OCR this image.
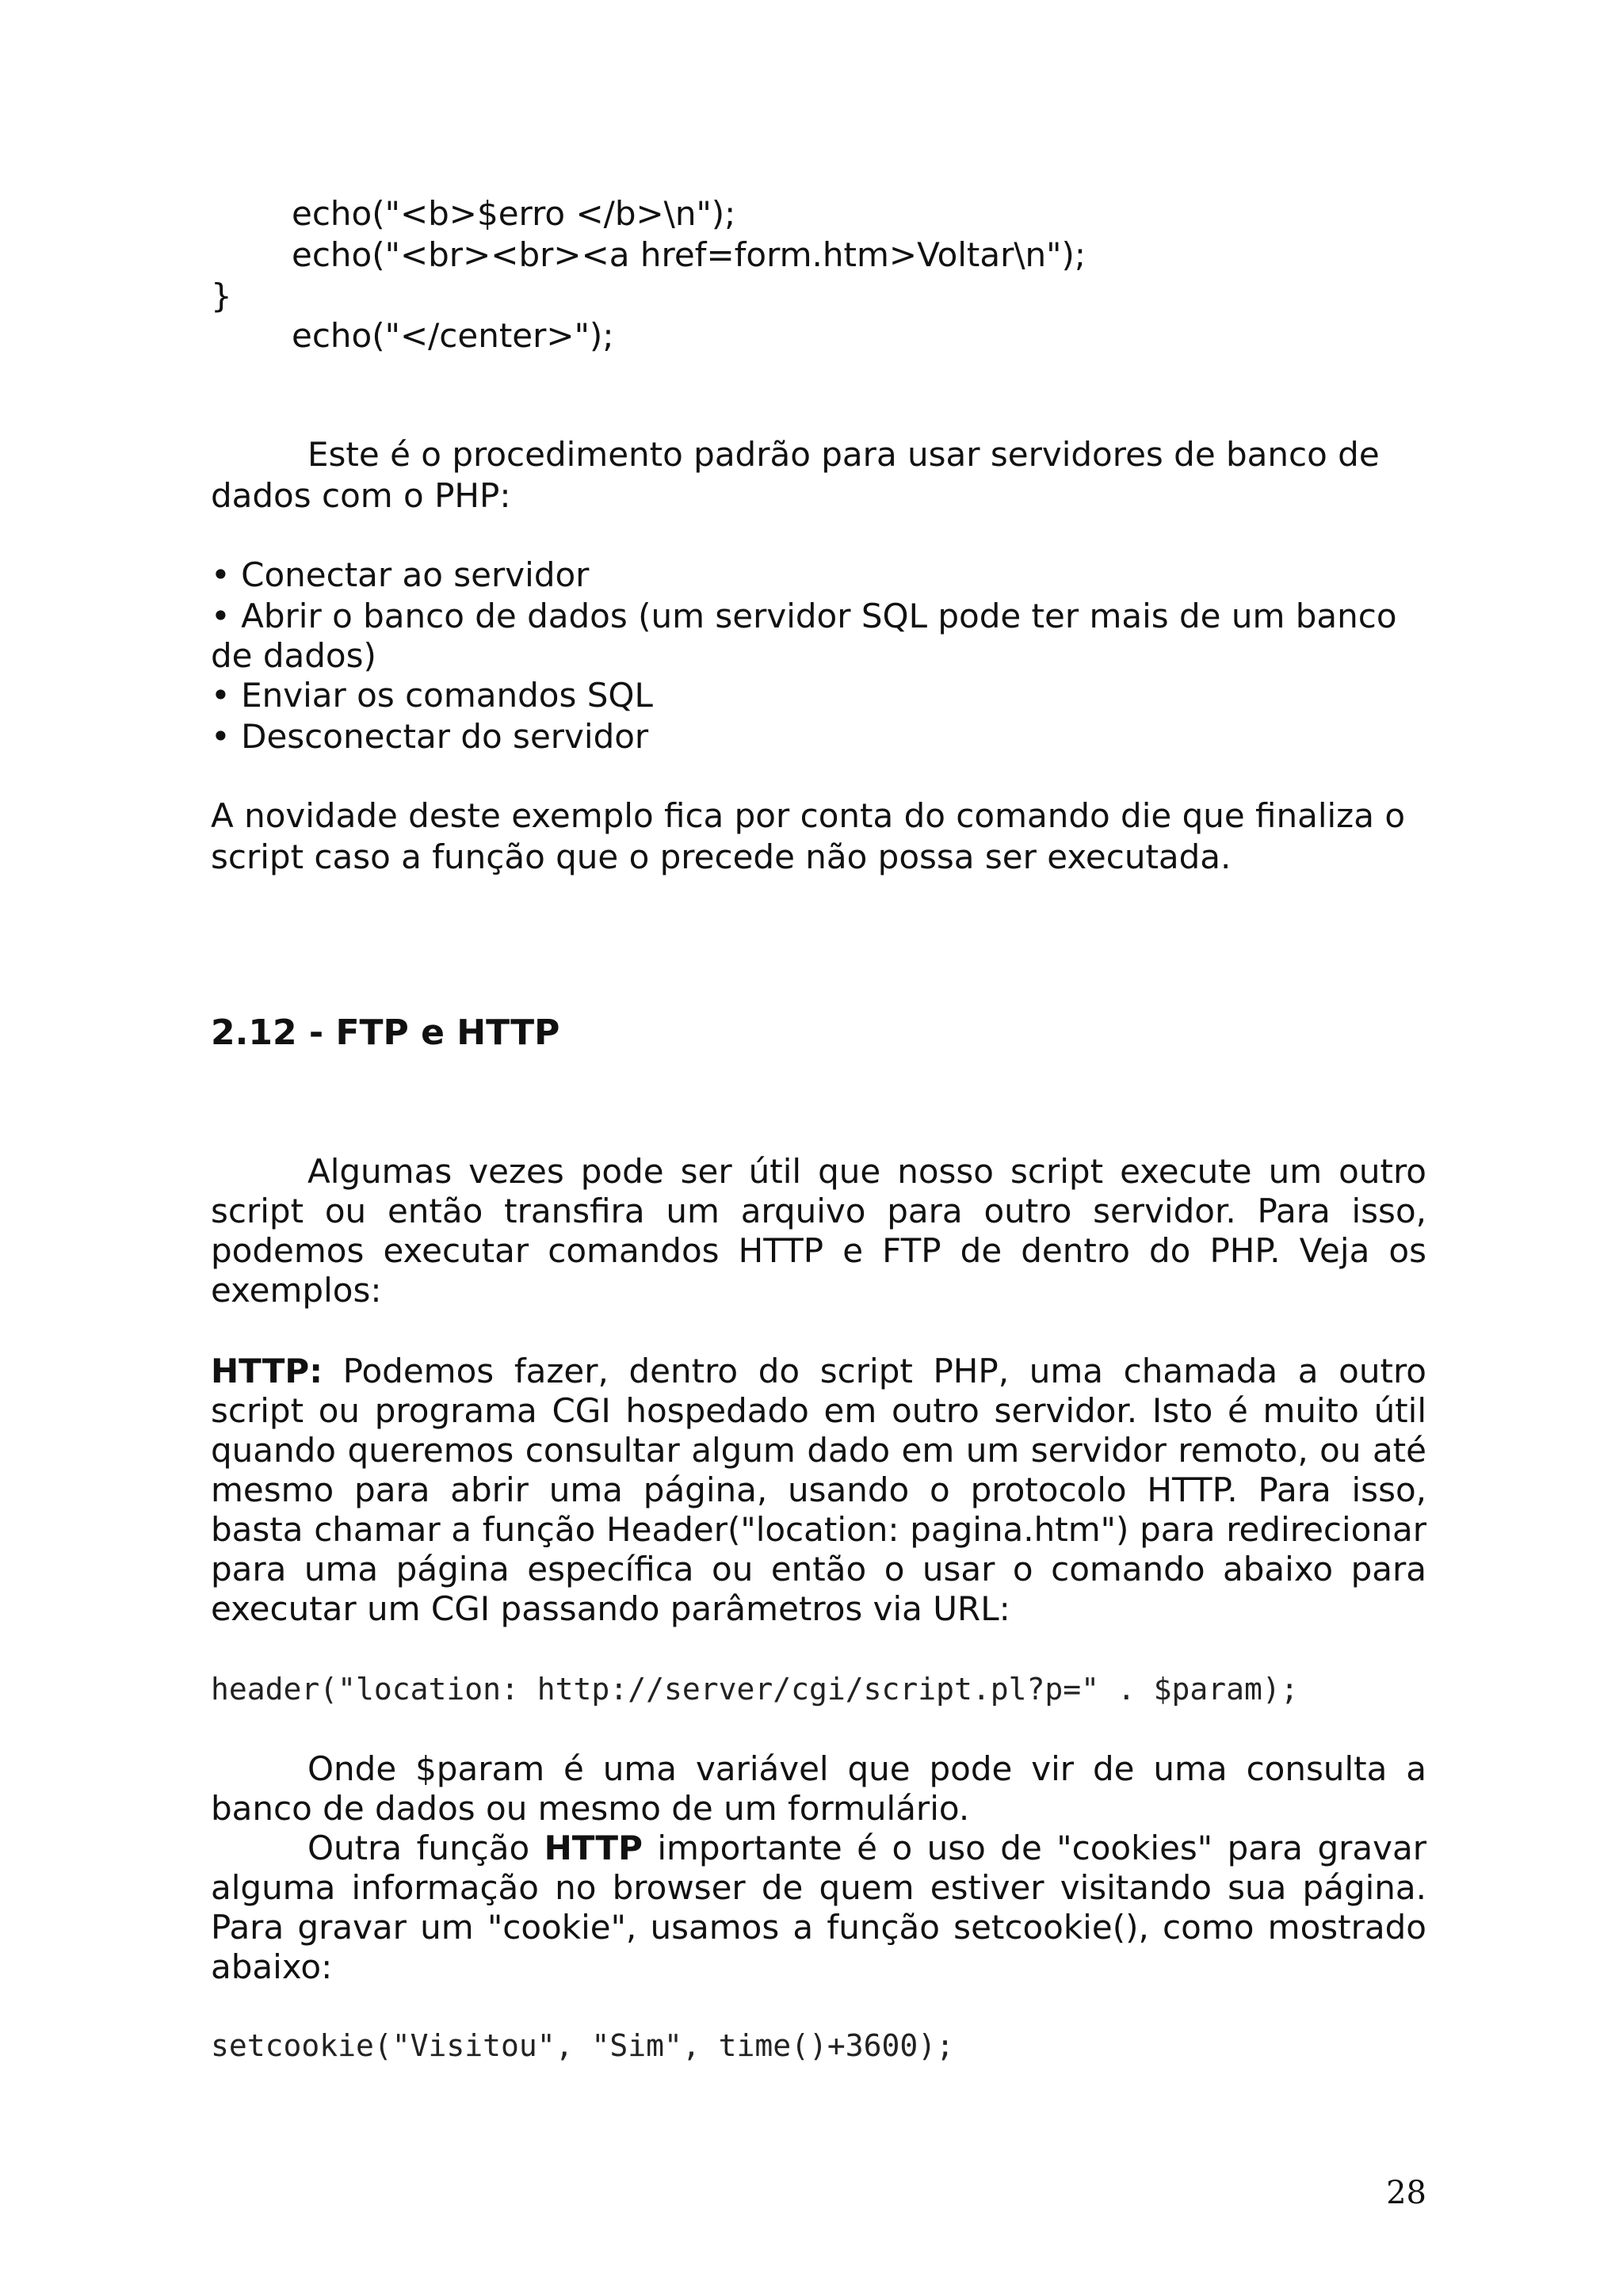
echo("<b>$erro </b>\n");
echo("<br><br><a href=form.htm>Voltar\n");
}
echo("</center>");
Este é o procedimento padrão para usar servidores de banco de
dados com o PHP:
• Conectar ao servidor
• Abrir o banco de dados (um servidor SQL pode ter mais de um banco
de dados)
• Enviar os comandos SQL
• Desconectar do servidor
A novidade deste exemplo fica por conta do comando die que finaliza o
script caso a função que o precede não possa ser executada.
2.12 - FTP e HTTP
Algumas vezes pode ser útil que nosso script execute um outro
script ou então transfira um arquivo para outro servidor. Para isso,
podemos executar comandos HTTP e FTP de dentro do PHP. Veja os
exemplos:
HTTP: Podemos fazer, dentro do script PHP, uma chamada a outro
script ou programa CGI hospedado em outro servidor. Isto é muito útil
quando queremos consultar algum dado em um servidor remoto, ou até
mesmo para abrir uma página, usando o protocolo HTTP. Para isso,
basta chamar a função Header("location: pagina.htm") para redirecionar
para uma página específica ou então o usar o comando abaixo para
executar um CGI passando parâmetros via URL:
header("location: http://server/cgi/script.pl?p=" . $param);
Onde $param é uma variável que pode vir de uma consulta a
banco de dados ou mesmo de um formulário.
Outra função HTTP importante é o uso de "cookies" para gravar
alguma informação no browser de quem estiver visitando sua página.
Para gravar um "cookie", usamos a função setcookie(), como mostrado
abaixo:
setcookie("Visitou", "Sim", time()+3600);
28
